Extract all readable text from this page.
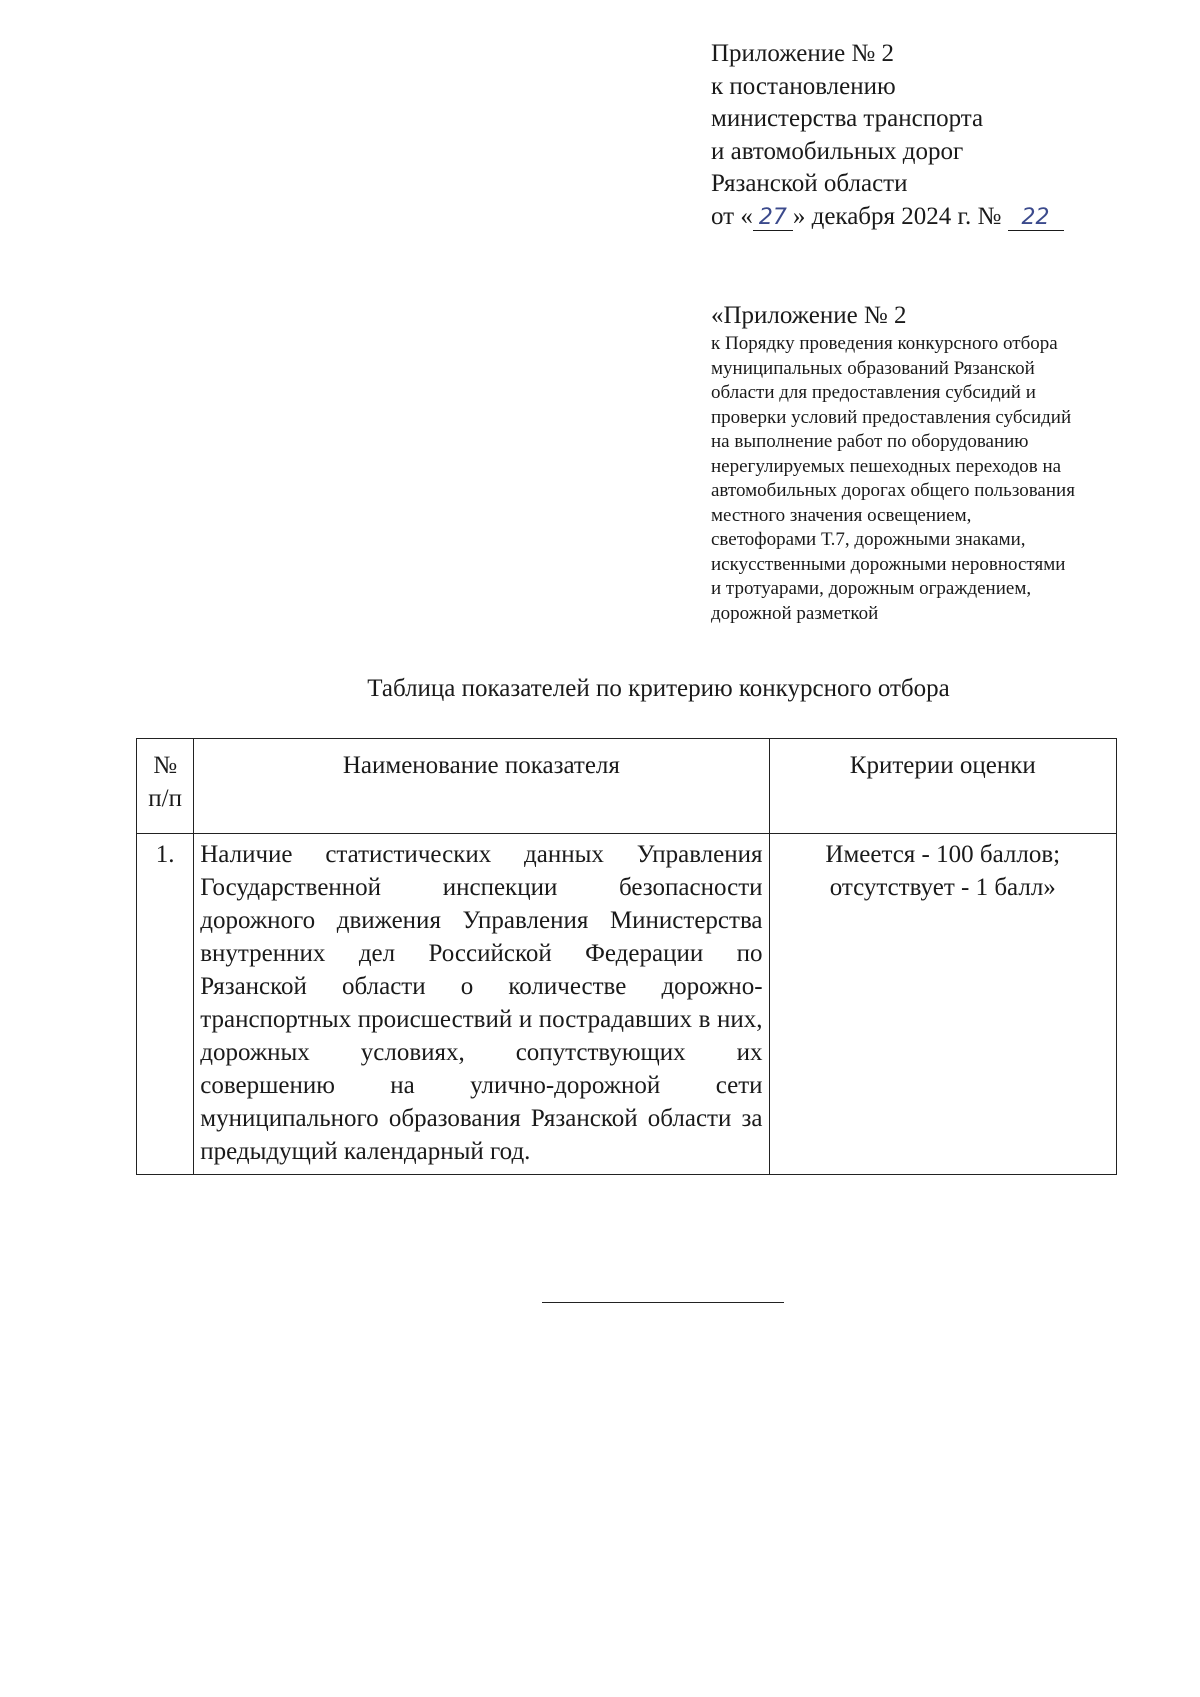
Приложение № 2
к постановлению
министерства транспорта
и автомобильных дорог
Рязанской области
от « 27 » декабря 2024 г. № 22
«Приложение № 2
к Порядку проведения конкурсного отбора
муниципальных образований Рязанской
области для предоставления субсидий и
проверки условий предоставления субсидий
на выполнение работ по оборудованию
нерегулируемых пешеходных переходов на
автомобильных дорогах общего пользования
местного значения освещением,
светофорами Т.7, дорожными знаками,
искусственными дорожными неровностями
и тротуарами, дорожным ограждением,
дорожной разметкой
Таблица показателей по критерию конкурсного отбора
№ п/п	Наименование показателя	Критерии оценки
1.	Наличие статистических данных Управления Государственной инспекции безопасности дорожного движения Управления Министерства внутренних дел Российской Федерации по Рязанской области о количестве дорожно-транспортных происшествий и пострадавших в них, дорожных условиях, сопутствующих их совершению на улично-дорожной сети муниципального образования Рязанской области за предыдущий календарный год.	Имеется - 100 баллов;
отсутствует - 1 балл»
